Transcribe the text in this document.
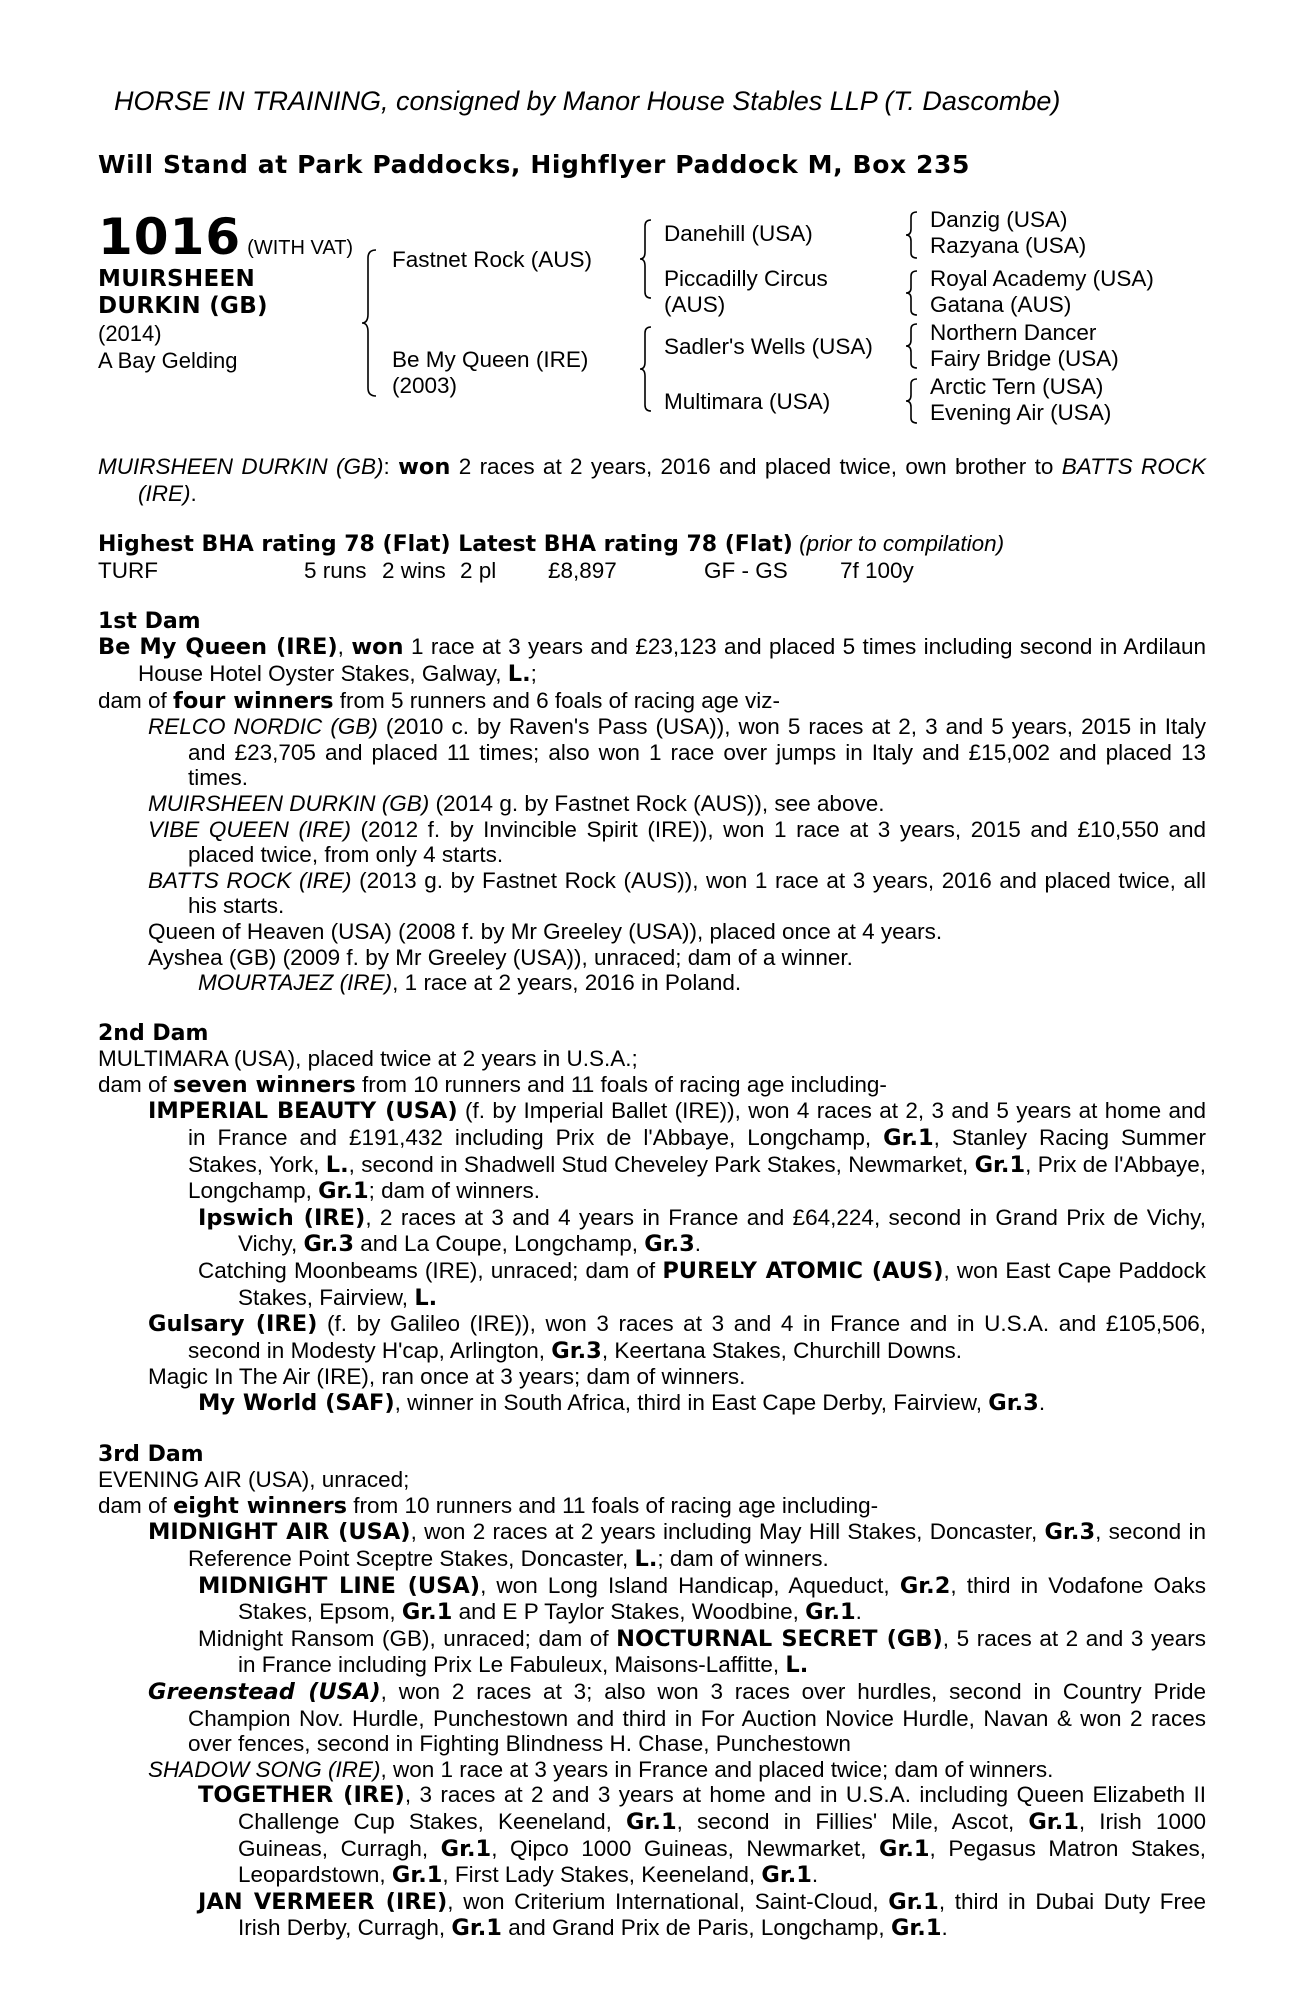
HORSE IN TRAINING, consigned by Manor House Stables LLP (T. Dascombe)
Will Stand at Park Paddocks, Highflyer Paddock M, Box 235
1016 (WITH VAT)
MUIRSHEEN
DURKIN (GB)
(2014)
A Bay Gelding
Fastnet Rock (AUS)
Be My Queen (IRE)
(2003)
Danehill (USA)
Piccadilly Circus
(AUS)
Sadler's Wells (USA)
Multimara (USA)
Danzig (USA)
Razyana (USA)
Royal Academy (USA)
Gatana (AUS)
Northern Dancer
Fairy Bridge (USA)
Arctic Tern (USA)
Evening Air (USA)

MUIRSHEEN DURKIN (GB): won 2 races at 2 years, 2016 and placed twice, own brother to BATTS ROCK (IRE).

Highest BHA rating 78 (Flat) Latest BHA rating 78 (Flat) (prior to compilation)
TURF	5 runs 2 wins 2 pl £8,897	GF - GS 7f 100y

1st Dam

Be My Queen (IRE), won 1 race at 3 years and £23,123 and placed 5 times including second in Ardilaun House Hotel Oyster Stakes, Galway, L.;

dam of four winners from 5 runners and 6 foals of racing age viz-

RELCO NORDIC (GB) (2010 c. by Raven's Pass (USA)), won 5 races at 2, 3 and 5 years, 2015 in Italy and £23,705 and placed 11 times; also won 1 race over jumps in Italy and £15,002 and placed 13 times.

MUIRSHEEN DURKIN (GB) (2014 g. by Fastnet Rock (AUS)), see above.

VIBE QUEEN (IRE) (2012 f. by Invincible Spirit (IRE)), won 1 race at 3 years, 2015 and £10,550 and placed twice, from only 4 starts.

BATTS ROCK (IRE) (2013 g. by Fastnet Rock (AUS)), won 1 race at 3 years, 2016 and placed twice, all his starts.

Queen of Heaven (USA) (2008 f. by Mr Greeley (USA)), placed once at 4 years.

Ayshea (GB) (2009 f. by Mr Greeley (USA)), unraced; dam of a winner.

MOURTAJEZ (IRE), 1 race at 2 years, 2016 in Poland.

2nd Dam

MULTIMARA (USA), placed twice at 2 years in U.S.A.;

dam of seven winners from 10 runners and 11 foals of racing age including-

IMPERIAL BEAUTY (USA) (f. by Imperial Ballet (IRE)), won 4 races at 2, 3 and 5 years at home and in France and £191,432 including Prix de l'Abbaye, Longchamp, Gr.1, Stanley Racing Summer Stakes, York, L., second in Shadwell Stud Cheveley Park Stakes, Newmarket, Gr.1, Prix de l'Abbaye, Longchamp, Gr.1; dam of winners.

Ipswich (IRE), 2 races at 3 and 4 years in France and £64,224, second in Grand Prix de Vichy, Vichy, Gr.3 and La Coupe, Longchamp, Gr.3.

Catching Moonbeams (IRE), unraced; dam of PURELY ATOMIC (AUS), won East Cape Paddock Stakes, Fairview, L.

Gulsary (IRE) (f. by Galileo (IRE)), won 3 races at 3 and 4 in France and in U.S.A. and £105,506, second in Modesty H'cap, Arlington, Gr.3, Keertana Stakes, Churchill Downs.

Magic In The Air (IRE), ran once at 3 years; dam of winners.

My World (SAF), winner in South Africa, third in East Cape Derby, Fairview, Gr.3.

3rd Dam

EVENING AIR (USA), unraced;

dam of eight winners from 10 runners and 11 foals of racing age including-

MIDNIGHT AIR (USA), won 2 races at 2 years including May Hill Stakes, Doncaster, Gr.3, second in Reference Point Sceptre Stakes, Doncaster, L.; dam of winners.

MIDNIGHT LINE (USA), won Long Island Handicap, Aqueduct, Gr.2, third in Vodafone Oaks Stakes, Epsom, Gr.1 and E P Taylor Stakes, Woodbine, Gr.1.

Midnight Ransom (GB), unraced; dam of NOCTURNAL SECRET (GB), 5 races at 2 and 3 years in France including Prix Le Fabuleux, Maisons-Laffitte, L.

Greenstead (USA), won 2 races at 3; also won 3 races over hurdles, second in Country Pride Champion Nov. Hurdle, Punchestown and third in For Auction Novice Hurdle, Navan & won 2 races over fences, second in Fighting Blindness H. Chase, Punchestown

SHADOW SONG (IRE), won 1 race at 3 years in France and placed twice; dam of winners.

TOGETHER (IRE), 3 races at 2 and 3 years at home and in U.S.A. including Queen Elizabeth II Challenge Cup Stakes, Keeneland, Gr.1, second in Fillies' Mile, Ascot, Gr.1, Irish 1000 Guineas, Curragh, Gr.1, Qipco 1000 Guineas, Newmarket, Gr.1, Pegasus Matron Stakes, Leopardstown, Gr.1, First Lady Stakes, Keeneland, Gr.1.

JAN VERMEER (IRE), won Criterium International, Saint-Cloud, Gr.1, third in Dubai Duty Free Irish Derby, Curragh, Gr.1 and Grand Prix de Paris, Longchamp, Gr.1.
